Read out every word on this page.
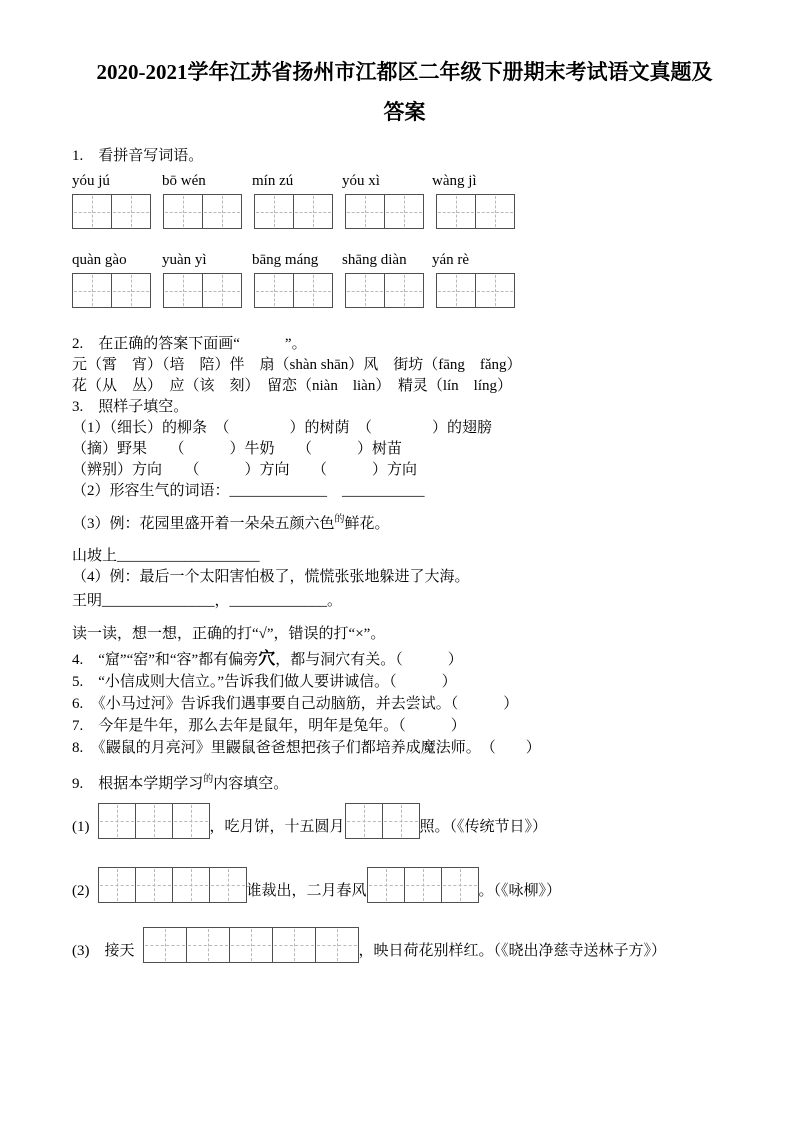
2020-2021学年江苏省扬州市江都区二年级下册期末考试语文真题及
答案

1.　看拼音写词语。

yóu jú	bō wén	mín zú	yóu xì	wàng jì
quàn gào	yuàn yì	bāng máng	shāng diàn	yán rè

2.　在正确的答案下面画“　　　”。

元（霄　宵）（培　陪）伴　扇（shàn shān）风　街坊（fāng　fǎng）

花（从　丛）　应（该　刻）　留恋（niàn　liàn）　精灵（lín　líng）

3.　照样子填空。

（1）（细长）的柳条　（　　　　）的树荫　（　　　　）的翅膀

（摘）野果　　（　　　）牛奶　　（　　　）树苗

（辨别）方向　　（　　　）方向　　（　　　）方向

（2）形容生气的词语：_____________　___________

（3）例：花园里盛开着一朵朵五颜六色$^的$鲜花。

山坡上___________________

（4）例：最后一个太阳害怕极了，慌慌张张地躲进了大海。

王明_______________，_____________。

读一读，想一想，正确的打“√”，错误的打“×”。

4.　“窟”“窑”和“容”都有偏旁穴，都与洞穴有关。（　　　）

5.　“小信成则大信立。”告诉我们做人要讲诚信。（　　　）

6.　《小马过河》告诉我们遇事要自己动脑筋，并去尝试。（　　　）

7.　今年是牛年，那么去年是鼠年，明年是兔年。（　　　）

8.　《鼹鼠的月亮河》里鼹鼠爸爸想把孩子们都培养成魔法师。　（　　）

9.　根据本学期学习$^的$内容填空。

(1)	，吃月饼，十五圆月	照。（《传统节日》）
(2)	谁裁出，二月春风	。（《咏柳》）
(3)　接天	，映日荷花别样红。（《晓出净慈寺送林子方》）
